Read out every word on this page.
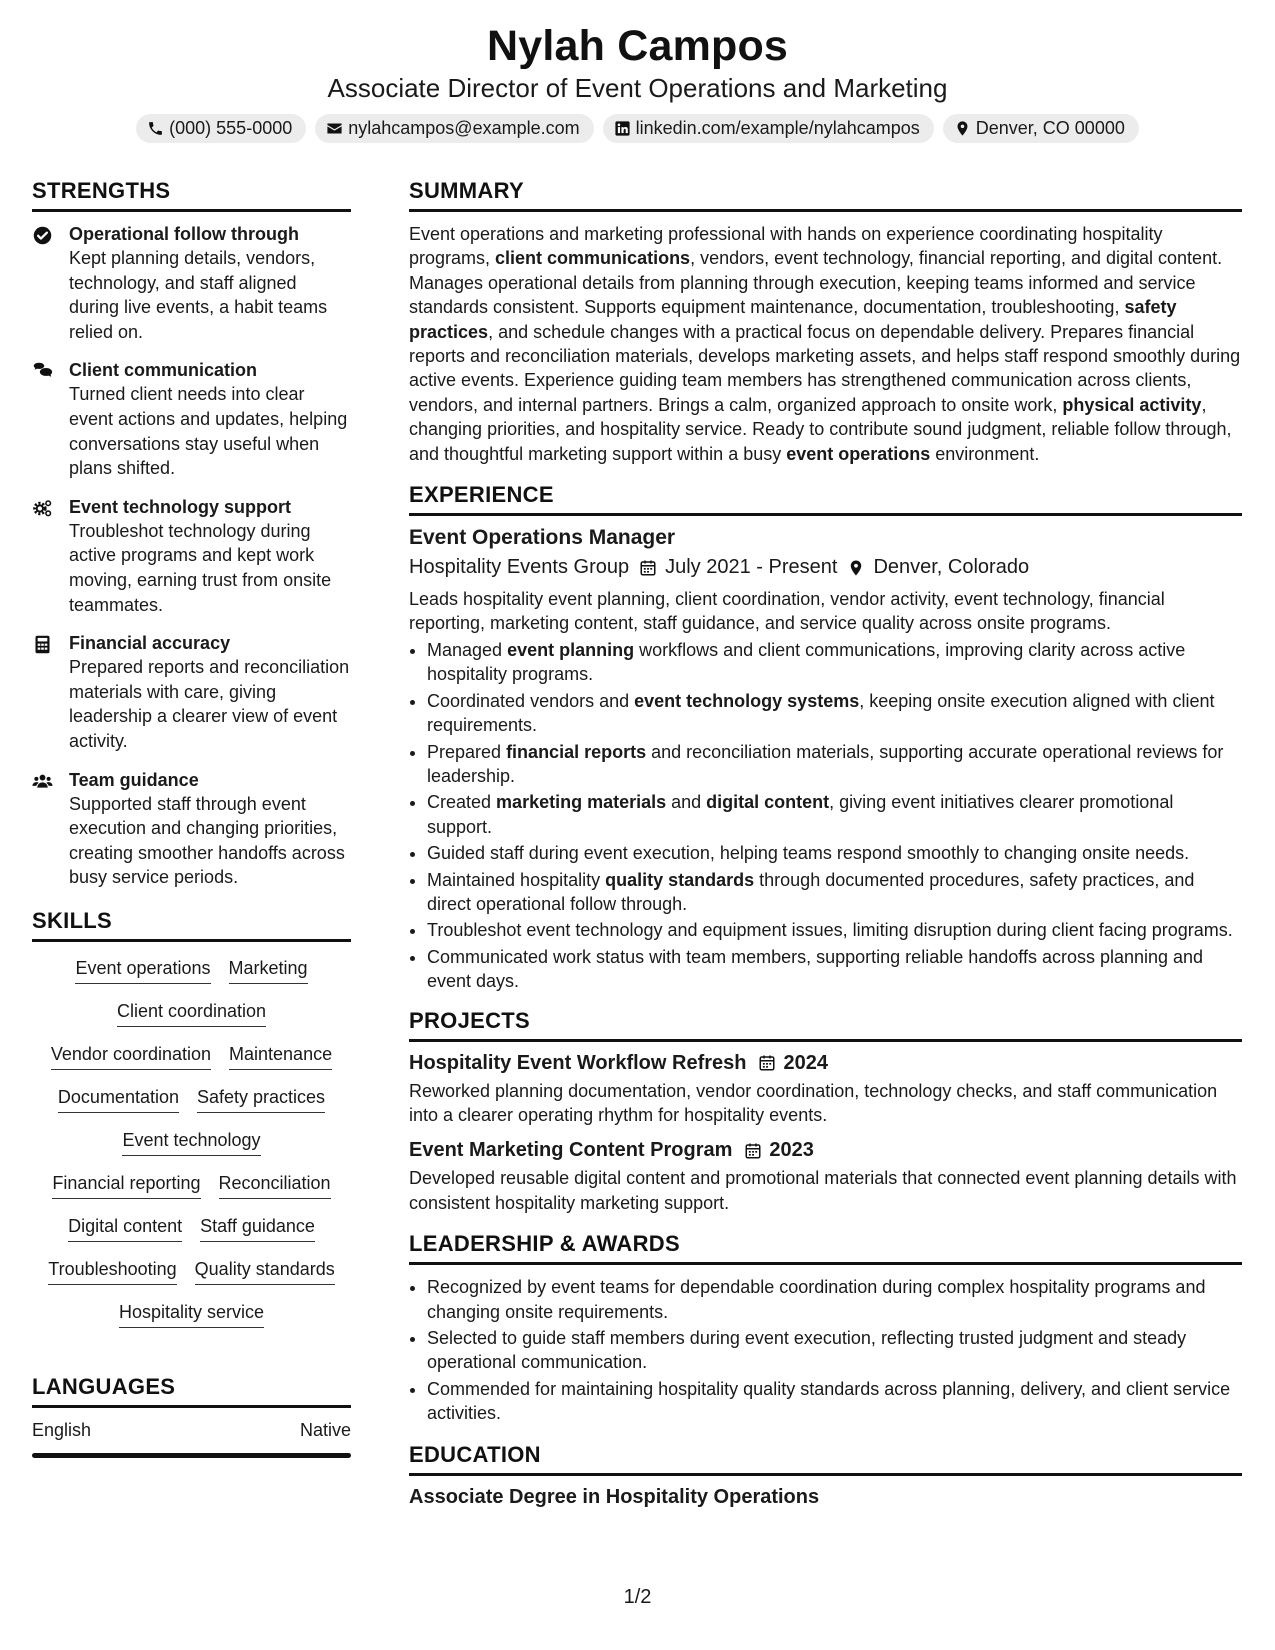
Nylah Campos
Associate Director of Event Operations and Marketing
(000) 555-0000	nylahcampos@example.com	linkedin.com/example/nylahcampos	Denver, CO 00000
STRENGTHS
Operational follow through
Kept planning details, vendors, technology, and staff aligned during live events, a habit teams relied on.
Client communication
Turned client needs into clear event actions and updates, helping conversations stay useful when plans shifted.
Event technology support
Troubleshot technology during active programs and kept work moving, earning trust from onsite teammates.
Financial accuracy
Prepared reports and reconciliation materials with care, giving leadership a clearer view of event activity.
Team guidance
Supported staff through event execution and changing priorities, creating smoother handoffs across busy service periods.
SKILLS
Event operations Marketing
Client coordination
Vendor coordination Maintenance
Documentation Safety practices
Event technology
Financial reporting Reconciliation
Digital content Staff guidance
Troubleshooting Quality standards
Hospitality service
LANGUAGES
English	Native
SUMMARY
Event operations and marketing professional with hands on experience coordinating hospitality programs, client communications, vendors, event technology, financial reporting, and digital content. Manages operational details from planning through execution, keeping teams informed and service standards consistent. Supports equipment maintenance, documentation, troubleshooting, safety practices, and schedule changes with a practical focus on dependable delivery. Prepares financial reports and reconciliation materials, develops marketing assets, and helps staff respond smoothly during active events. Experience guiding team members has strengthened communication across clients, vendors, and internal partners. Brings a calm, organized approach to onsite work, physical activity, changing priorities, and hospitality service. Ready to contribute sound judgment, reliable follow through, and thoughtful marketing support within a busy event operations environment.
EXPERIENCE
Event Operations Manager
Hospitality Events Group July 2021 - Present Denver, Colorado
Leads hospitality event planning, client coordination, vendor activity, event technology, financial reporting, marketing content, staff guidance, and service quality across onsite programs.
• Managed event planning workflows and client communications, improving clarity across active hospitality programs.
• Coordinated vendors and event technology systems, keeping onsite execution aligned with client requirements.
• Prepared financial reports and reconciliation materials, supporting accurate operational reviews for leadership.
• Created marketing materials and digital content, giving event initiatives clearer promotional support.
• Guided staff during event execution, helping teams respond smoothly to changing onsite needs.
• Maintained hospitality quality standards through documented procedures, safety practices, and direct operational follow through.
• Troubleshot event technology and equipment issues, limiting disruption during client facing programs.
• Communicated work status with team members, supporting reliable handoffs across planning and event days.
PROJECTS
Hospitality Event Workflow Refresh 2024
Reworked planning documentation, vendor coordination, technology checks, and staff communication into a clearer operating rhythm for hospitality events.
Event Marketing Content Program 2023
Developed reusable digital content and promotional materials that connected event planning details with consistent hospitality marketing support.
LEADERSHIP & AWARDS
• Recognized by event teams for dependable coordination during complex hospitality programs and changing onsite requirements.
• Selected to guide staff members during event execution, reflecting trusted judgment and steady operational communication.
• Commended for maintaining hospitality quality standards across planning, delivery, and client service activities.
EDUCATION
Associate Degree in Hospitality Operations
1/2
